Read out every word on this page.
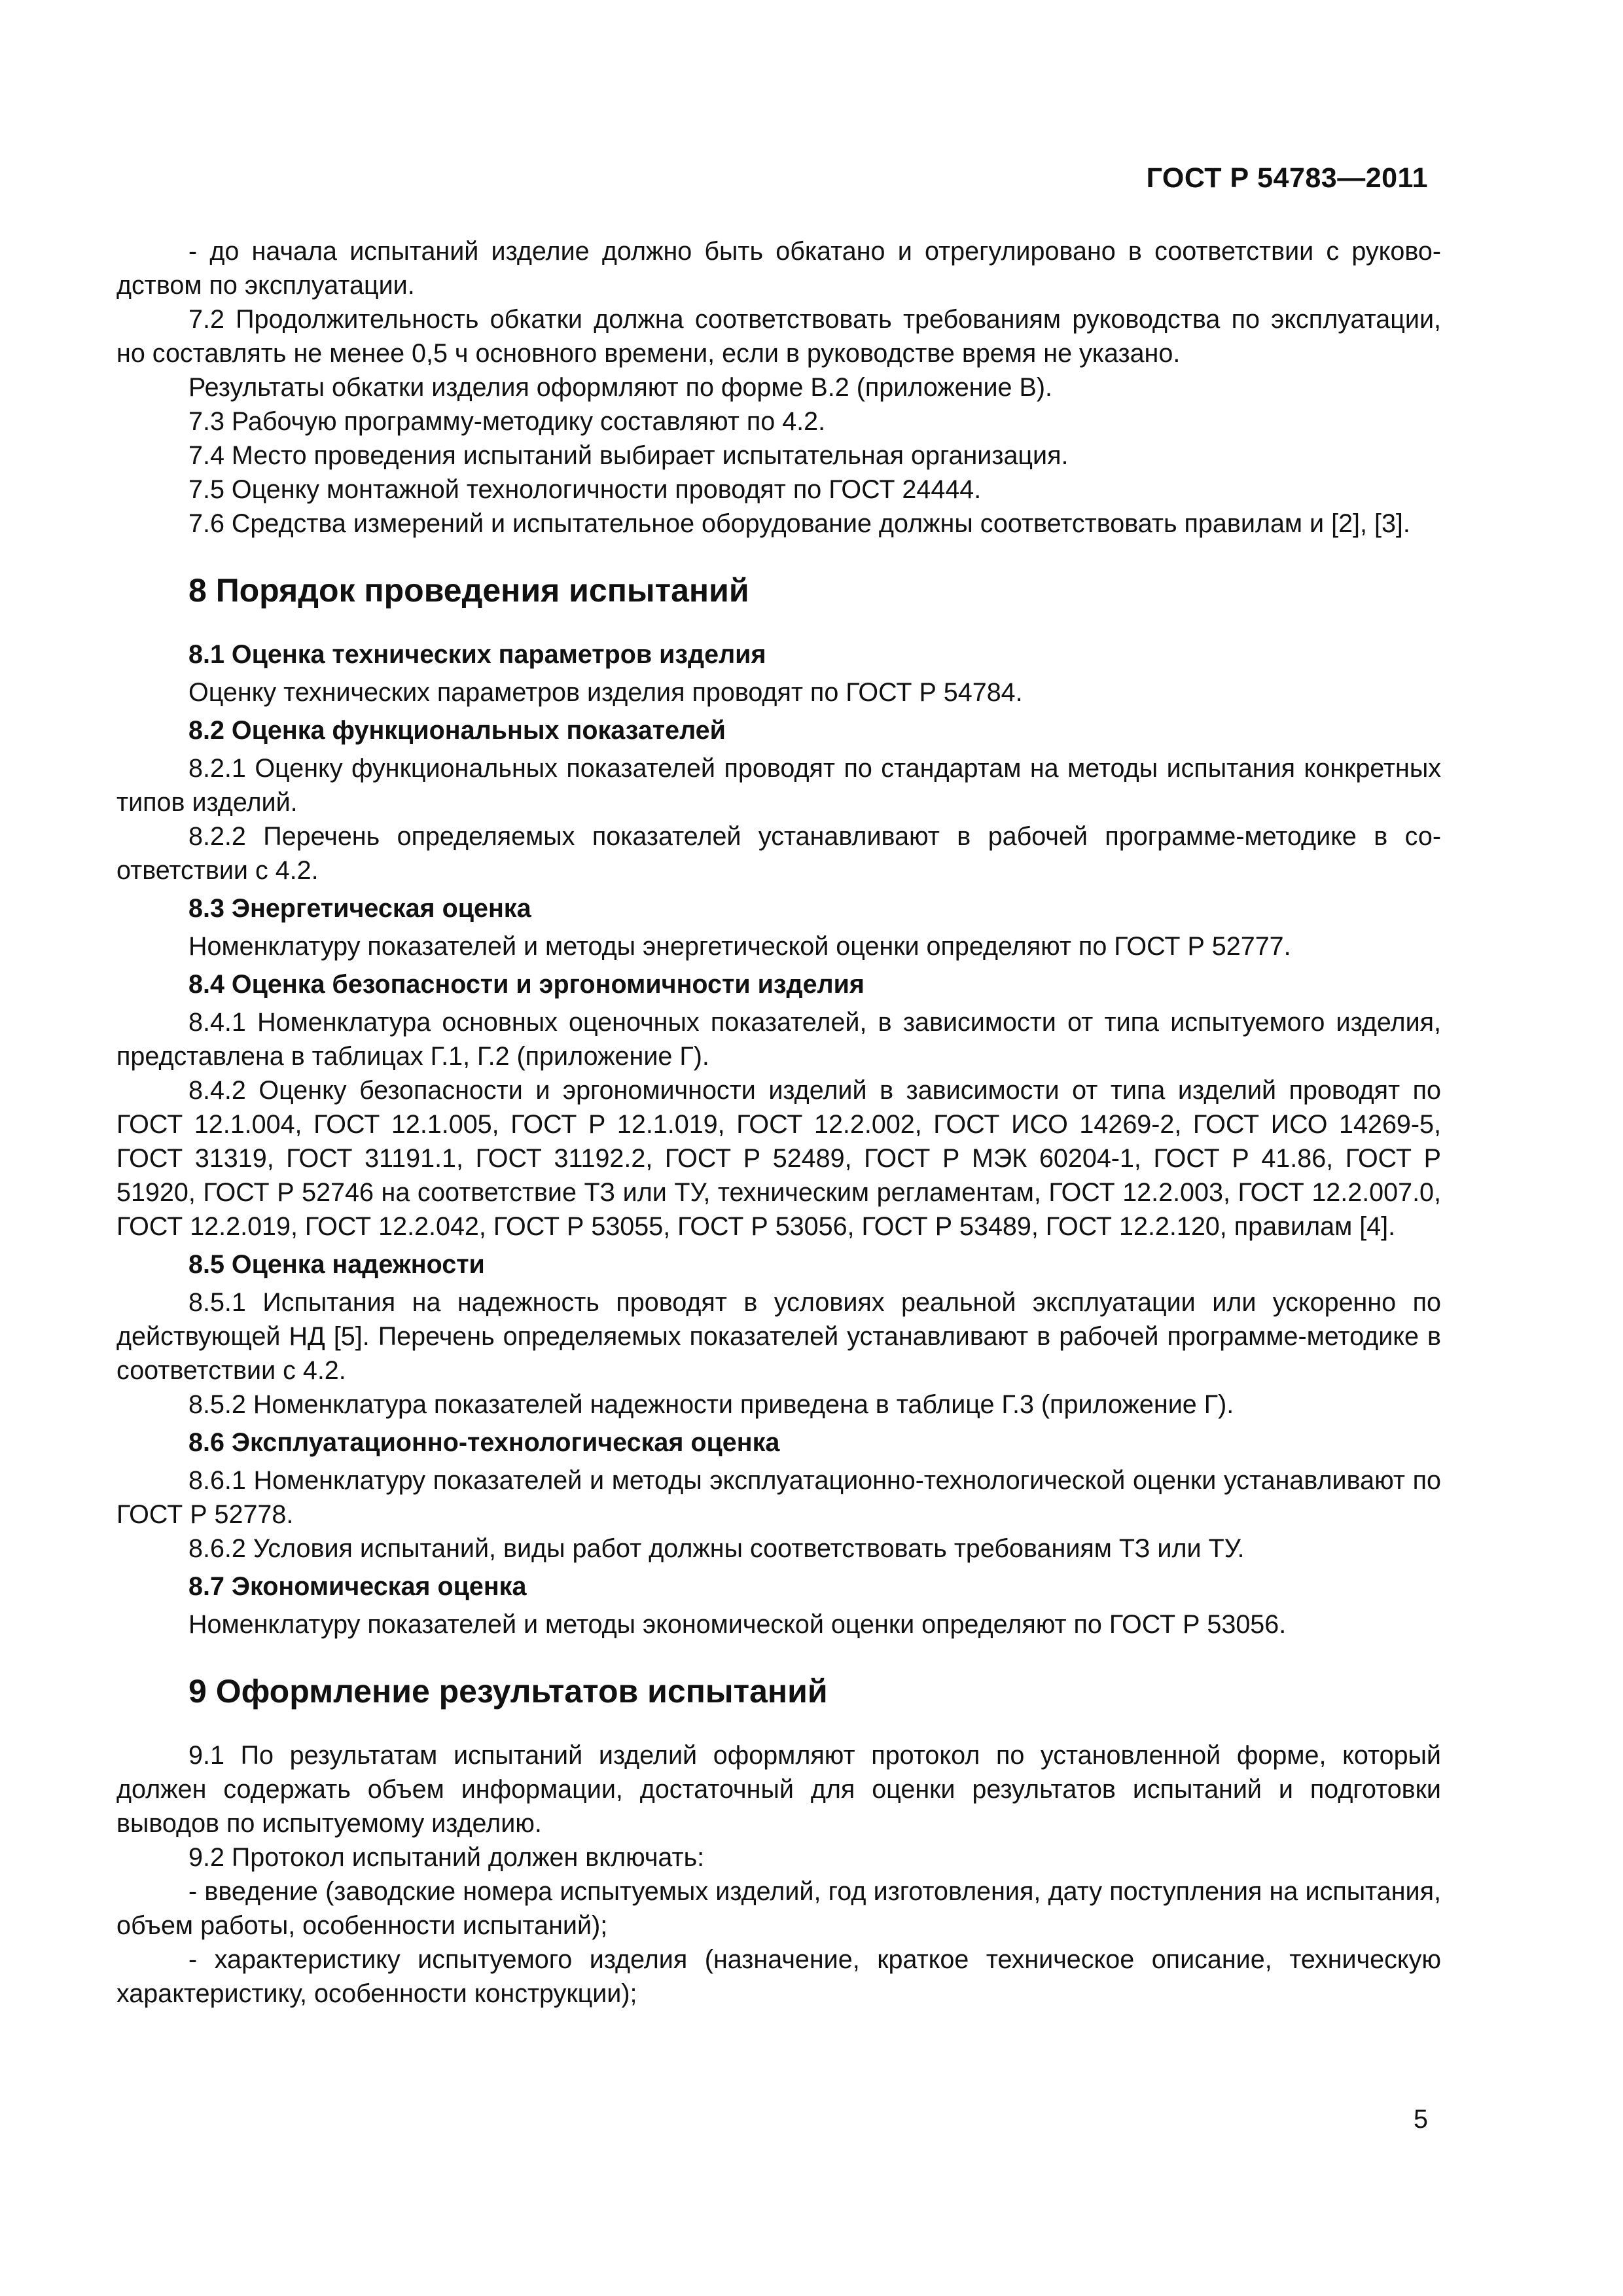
ГОСТ Р 54783—2011

- до начала испытаний изделие должно быть обкатано и отрегулировано в соответствии с руководством по эксплуатации.

7.2 Продолжительность обкатки должна соответствовать требованиям руководства по эксплуатации, но составлять не менее 0,5 ч основного времени, если в руководстве время не указано.

Результаты обкатки изделия оформляют по форме В.2 (приложение В).

7.3 Рабочую программу-методику составляют по 4.2.

7.4 Место проведения испытаний выбирает испытательная организация.

7.5 Оценку монтажной технологичности проводят по ГОСТ 24444.

7.6 Средства измерений и испытательное оборудование должны соответствовать правилам и [2], [3].

8 Порядок проведения испытаний
8.1 Оценка технических параметров изделия

Оценку технических параметров изделия проводят по ГОСТ Р 54784.

8.2 Оценка функциональных показателей

8.2.1 Оценку функциональных показателей проводят по стандартам на методы испытания конкретных типов изделий.

8.2.2 Перечень определяемых показателей устанавливают в рабочей программе-методике в соответствии с 4.2.

8.3 Энергетическая оценка

Номенклатуру показателей и методы энергетической оценки определяют по ГОСТ Р 52777.

8.4 Оценка безопасности и эргономичности изделия

8.4.1 Номенклатура основных оценочных показателей, в зависимости от типа испытуемого изделия, представлена в таблицах Г.1, Г.2 (приложение Г).

8.4.2 Оценку безопасности и эргономичности изделий в зависимости от типа изделий проводят по ГОСТ 12.1.004, ГОСТ 12.1.005, ГОСТ Р 12.1.019, ГОСТ 12.2.002, ГОСТ ИСО 14269-2, ГОСТ ИСО 14269-5, ГОСТ 31319, ГОСТ 31191.1, ГОСТ 31192.2, ГОСТ Р 52489, ГОСТ Р МЭК 60204-1, ГОСТ Р 41.86, ГОСТ Р 51920, ГОСТ Р 52746 на соответствие ТЗ или ТУ, техническим регламентам, ГОСТ 12.2.003, ГОСТ 12.2.007.0, ГОСТ 12.2.019, ГОСТ 12.2.042, ГОСТ Р 53055, ГОСТ Р 53056, ГОСТ Р 53489, ГОСТ 12.2.120, правилам [4].

8.5 Оценка надежности

8.5.1 Испытания на надежность проводят в условиях реальной эксплуатации или ускоренно по действующей НД [5]. Перечень определяемых показателей устанавливают в рабочей программе-методике в соответствии с 4.2.

8.5.2 Номенклатура показателей надежности приведена в таблице Г.3 (приложение Г).

8.6 Эксплуатационно-технологическая оценка

8.6.1 Номенклатуру показателей и методы эксплуатационно-технологической оценки устанавливают по ГОСТ Р 52778.

8.6.2 Условия испытаний, виды работ должны соответствовать требованиям ТЗ или ТУ.

8.7 Экономическая оценка

Номенклатуру показателей и методы экономической оценки определяют по ГОСТ Р 53056.

9 Оформление результатов испытаний

9.1 По результатам испытаний изделий оформляют протокол по установленной форме, который должен содержать объем информации, достаточный для оценки результатов испытаний и подготовки выводов по испытуемому изделию.

9.2 Протокол испытаний должен включать:

- введение (заводские номера испытуемых изделий, год изготовления, дату поступления на испытания, объем работы, особенности испытаний);

- характеристику испытуемого изделия (назначение, краткое техническое описание, техническую характеристику, особенности конструкции);

5
